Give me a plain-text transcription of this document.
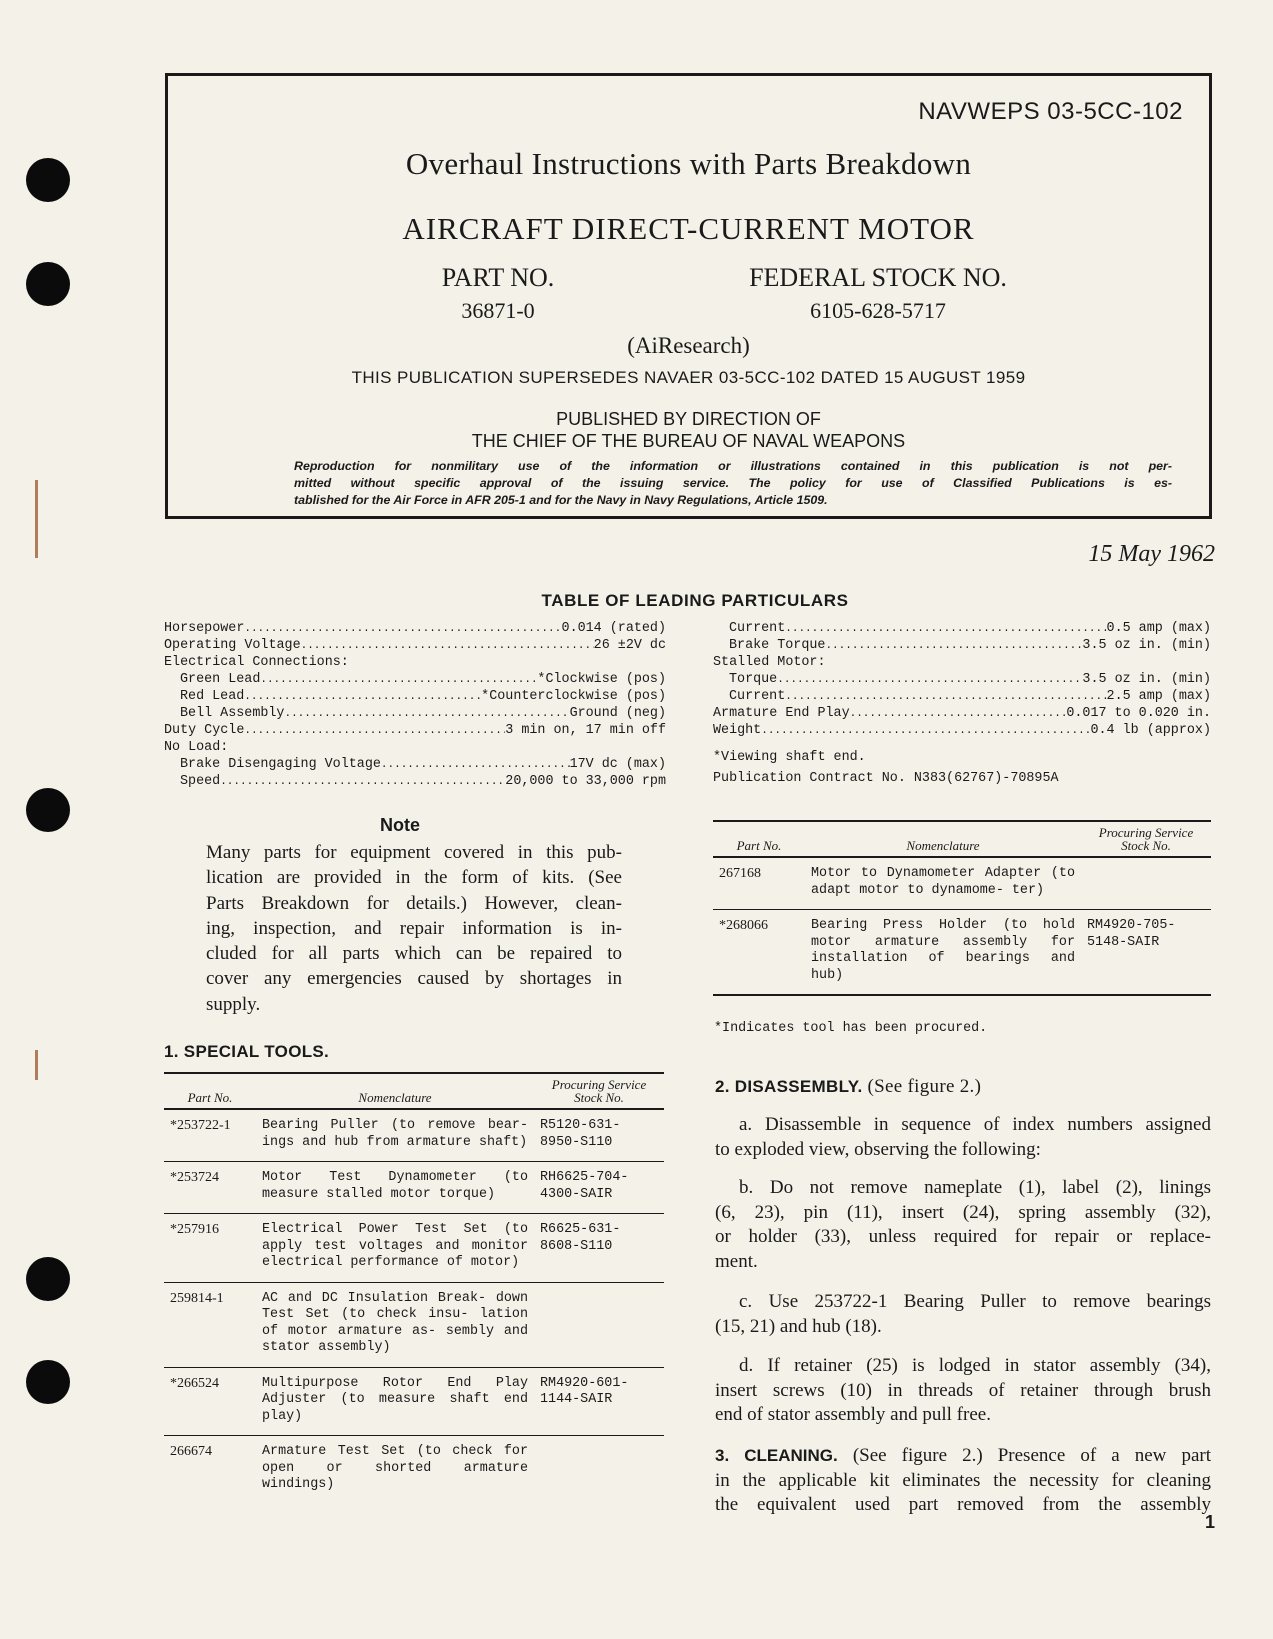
NAVWEPS 03-5CC-102
Overhaul Instructions with Parts Breakdown
AIRCRAFT DIRECT-CURRENT MOTOR
PART NO.
36871-0
FEDERAL STOCK NO.
6105-628-5717
(AiResearch)
THIS PUBLICATION SUPERSEDES NAVAER 03-5CC-102 DATED 15 AUGUST 1959
PUBLISHED BY DIRECTION OF
THE CHIEF OF THE BUREAU OF NAVAL WEAPONS
Reproduction for nonmilitary use of the information or illustrations contained in this publication is not per-
mitted without specific approval of the issuing service. The policy for use of Classified Publications is es-
tablished for the Air Force in AFR 205-1 and for the Navy in Navy Regulations, Article 1509.
15 May 1962
TABLE OF LEADING PARTICULARS
Horsepower .....	0.014 (rated)
Operating Voltage .....	26 ±2V dc
Electrical Connections:
Green Lead .....	*Clockwise (pos)
Red Lead .....	*Counterclockwise (pos)
Bell Assembly .....	Ground (neg)
Duty Cycle .....	3 min on, 17 min off
No Load:
Brake Disengaging Voltage .....	17V dc (max)
Speed .....	20,000 to 33,000 rpm
Current .....	0.5 amp (max)
Brake Torque .....	3.5 oz in. (min)
Stalled Motor:
Torque .....	3.5 oz in. (min)
Current .....	2.5 amp (max)
Armature End Play .....	0.017 to 0.020 in.
Weight .....	0.4 lb (approx)
*Viewing shaft end.
Publication Contract No. N383(62767)-70895A
Note
Many parts for equipment covered in this pub-
lication are provided in the form of kits. (See
Parts Breakdown for details.) However, clean-
ing, inspection, and repair information is in-
cluded for all parts which can be repaired to
cover any emergencies caused by shortages in
supply.
1. SPECIAL TOOLS.
Part No.	Nomenclature	Procuring Service
Stock No.

*253722-1	Bearing Puller (to remove bear- ings and hub from armature shaft)	R5120-631- 8950-S110
*253724	Motor Test Dynamometer (to measure stalled motor torque)	RH6625-704- 4300-SAIR
*257916	Electrical Power Test Set (to apply test voltages and monitor electrical performance of motor)	R6625-631- 8608-S110
259814-1	AC and DC Insulation Break- down Test Set (to check insu- lation of motor armature as- sembly and stator assembly)	
*266524	Multipurpose Rotor End Play Adjuster (to measure shaft end play)	RM4920-601- 1144-SAIR
266674	Armature Test Set (to check for open or shorted armature windings)	
Part No.	Nomenclature	Procuring Service
Stock No.

267168	Motor to Dynamometer Adapter (to adapt motor to dynamome- ter)	
*268066	Bearing Press Holder (to hold motor armature assembly for installation of bearings and hub)	RM4920-705- 5148-SAIR
*Indicates tool has been procured.
2. DISASSEMBLY. (See figure 2.)
a. Disassemble in sequence of index numbers assigned
to exploded view, observing the following:
b. Do not remove nameplate (1), label (2), linings
(6, 23), pin (11), insert (24), spring assembly (32),
or holder (33), unless required for repair or replace-
ment.
c. Use 253722-1 Bearing Puller to remove bearings
(15, 21) and hub (18).
d. If retainer (25) is lodged in stator assembly (34),
insert screws (10) in threads of retainer through brush
end of stator assembly and pull free.
3. CLEANING. (See figure 2.) Presence of a new part
in the applicable kit eliminates the necessity for cleaning
the equivalent used part removed from the assembly
1
